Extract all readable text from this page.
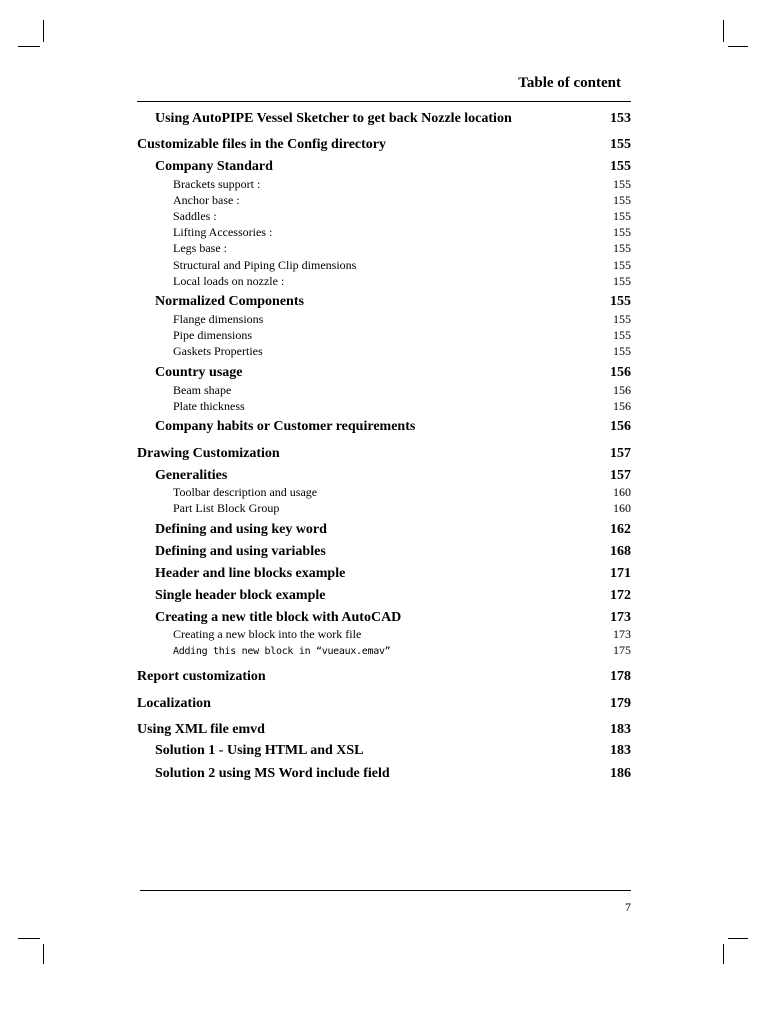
Table of content
Using AutoPIPE Vessel Sketcher to get back Nozzle location	153
Customizable files in the Config directory	155
Company Standard	155
Brackets support :	155
Anchor base :	155
Saddles :	155
Lifting Accessories :	155
Legs base :	155
Structural and Piping Clip dimensions	155
Local loads on nozzle :	155
Normalized Components	155
Flange dimensions	155
Pipe dimensions	155
Gaskets Properties	155
Country usage	156
Beam shape	156
Plate thickness	156
Company habits or Customer requirements	156
Drawing Customization	157
Generalities	157
Toolbar description and usage	160
Part List Block Group	160
Defining and using key word	162
Defining and using variables	168
Header and line blocks example	171
Single header block example	172
Creating a new title block with AutoCAD	173
Creating a new block into the work file	173
Adding this new block in “vueaux.emav”	175
Report customization	178
Localization	179
Using XML file emvd	183
Solution 1 - Using HTML and XSL	183
Solution 2 using MS Word include field	186
7
